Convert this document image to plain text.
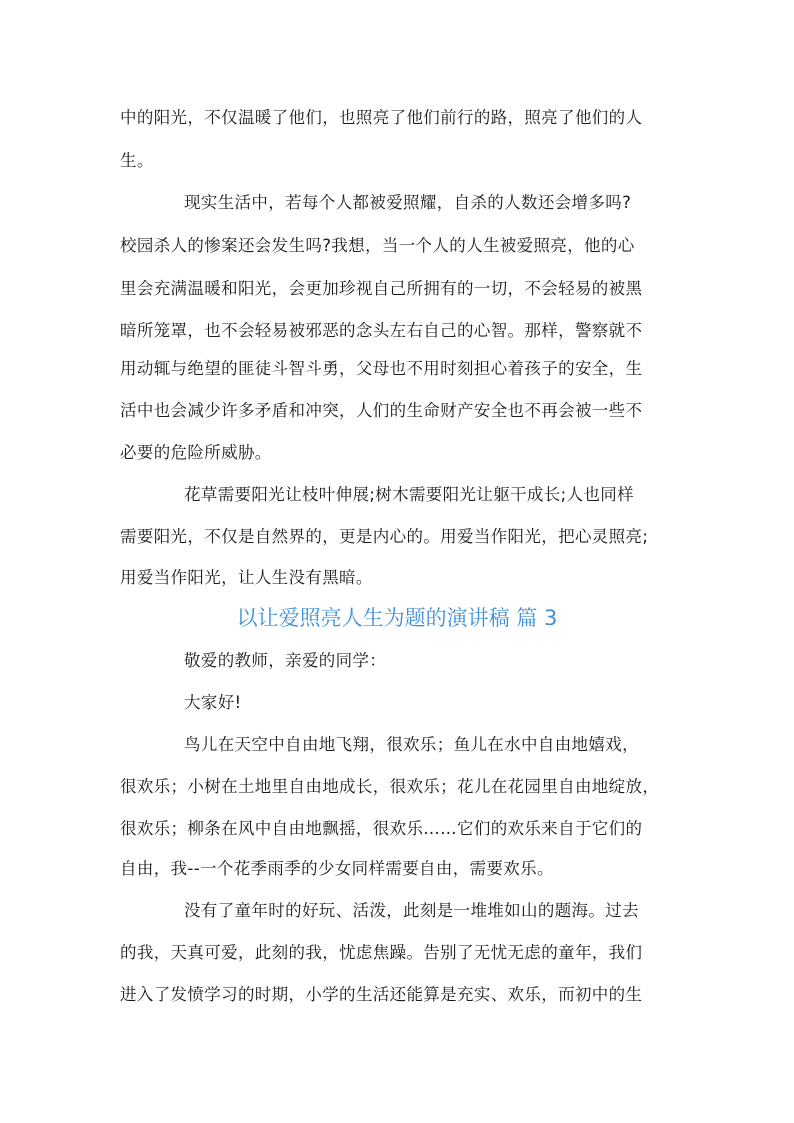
中的阳光，不仅温暖了他们，也照亮了他们前行的路，照亮了他们的人
生。
现实生活中，若每个人都被爱照耀，自杀的人数还会增多吗?
校园杀人的惨案还会发生吗?我想，当一个人的人生被爱照亮，他的心
里会充满温暖和阳光，会更加珍视自己所拥有的一切，不会轻易的被黑
暗所笼罩，也不会轻易被邪恶的念头左右自己的心智。那样，警察就不
用动辄与绝望的匪徒斗智斗勇，父母也不用时刻担心着孩子的安全，生
活中也会减少许多矛盾和冲突，人们的生命财产安全也不再会被一些不
必要的危险所威胁。
花草需要阳光让枝叶伸展;树木需要阳光让躯干成长;人也同样
需要阳光，不仅是自然界的，更是内心的。用爱当作阳光，把心灵照亮;
用爱当作阳光，让人生没有黑暗。
以让爱照亮人生为题的演讲稿 篇 3
敬爱的教师，亲爱的同学：
大家好!
鸟儿在天空中自由地飞翔，很欢乐；鱼儿在水中自由地嬉戏，
很欢乐；小树在土地里自由地成长，很欢乐；花儿在花园里自由地绽放，
很欢乐；柳条在风中自由地飘摇，很欢乐……它们的欢乐来自于它们的
自由，我--一个花季雨季的少女同样需要自由，需要欢乐。
没有了童年时的好玩、活泼，此刻是一堆堆如山的题海。过去
的我，天真可爱，此刻的我，忧虑焦躁。告别了无忧无虑的童年，我们
进入了发愤学习的时期，小学的生活还能算是充实、欢乐，而初中的生
